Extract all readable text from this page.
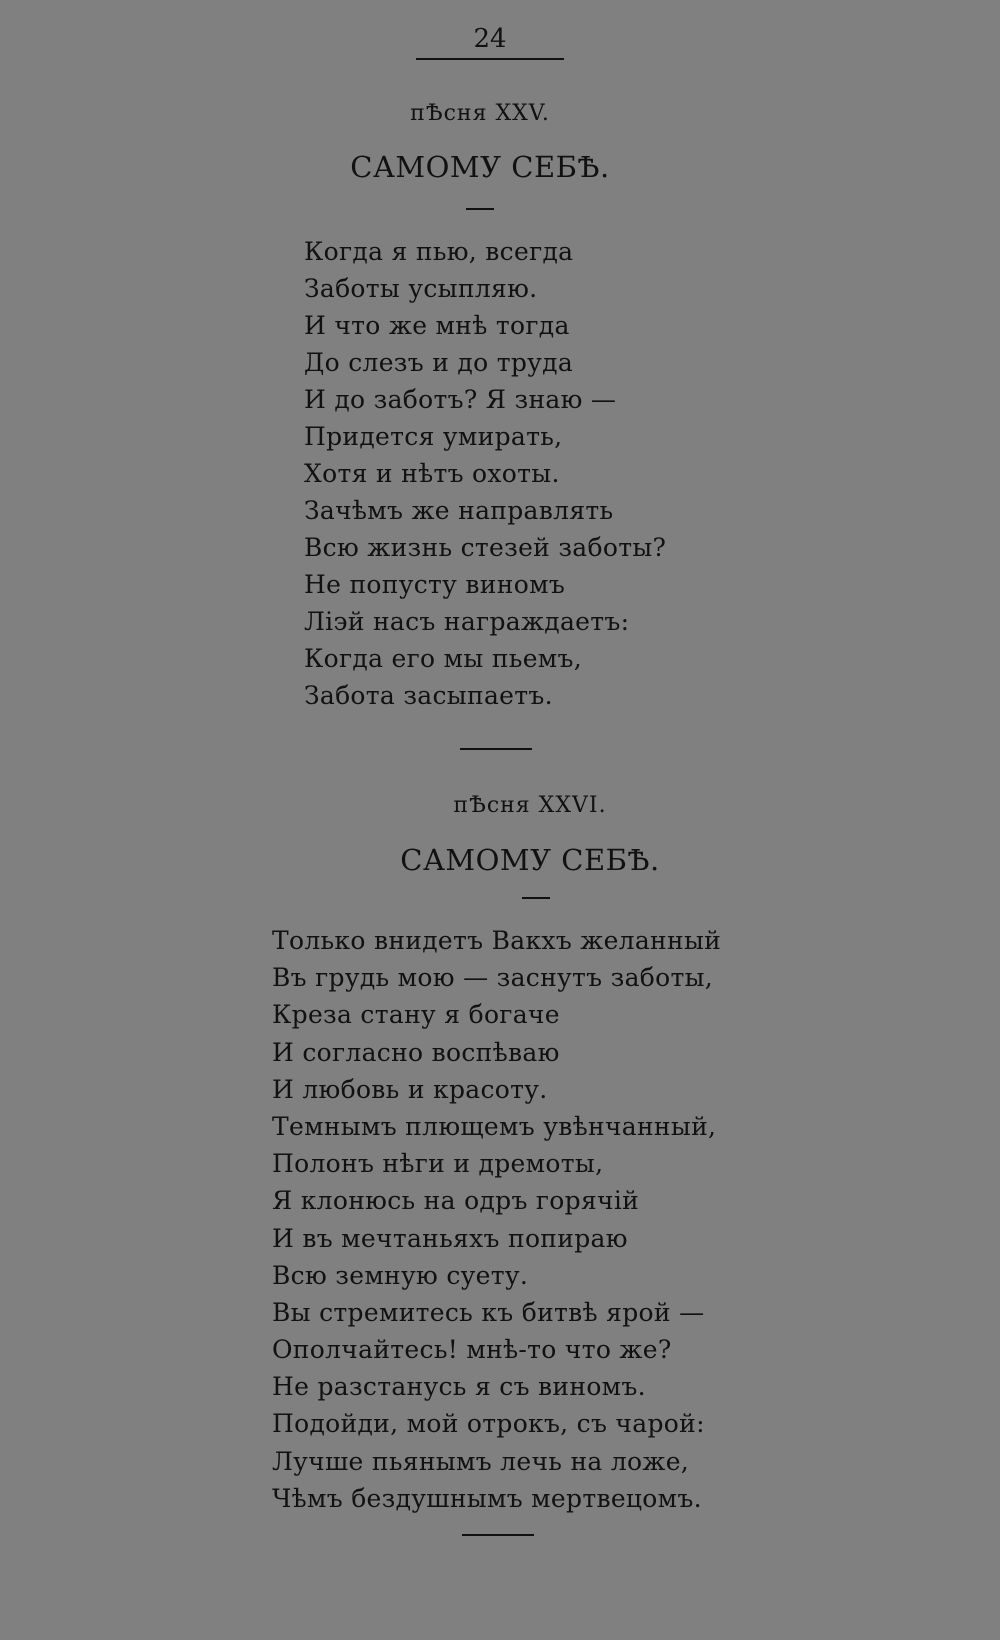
24
пѢсня XXV.
САМОМУ СЕБѢ.
Когда я пью, всегда
Заботы усыпляю.
И что же мнѣ тогда
До слезъ и до труда
И до заботъ? Я знаю —
Придется умирать,
Хотя и нѣтъ охоты.
Зачѣмъ же направлять
Всю жизнь стезей заботы?
Не попусту виномъ
Ліэй насъ награждаетъ:
Когда его мы пьемъ,
Забота засыпаетъ.
пѢсня XXVI.
САМОМУ СЕБѢ.
Только внидетъ Вакхъ желанный
Въ грудь мою — заснутъ заботы,
Креза стану я богаче
И согласно воспѣваю
И любовь и красоту.
Темнымъ плющемъ увѣнчанный,
Полонъ нѣги и дремоты,
Я клонюсь на одръ горячій
И въ мечтаньяхъ попираю
Всю земную суету.
Вы стремитесь къ битвѣ ярой —
Ополчайтесь! мнѣ-то что же?
Не разстанусь я съ виномъ.
Подойди, мой отрокъ, съ чарой:
Лучше пьянымъ лечь на ложе,
Чѣмъ бездушнымъ мертвецомъ.
